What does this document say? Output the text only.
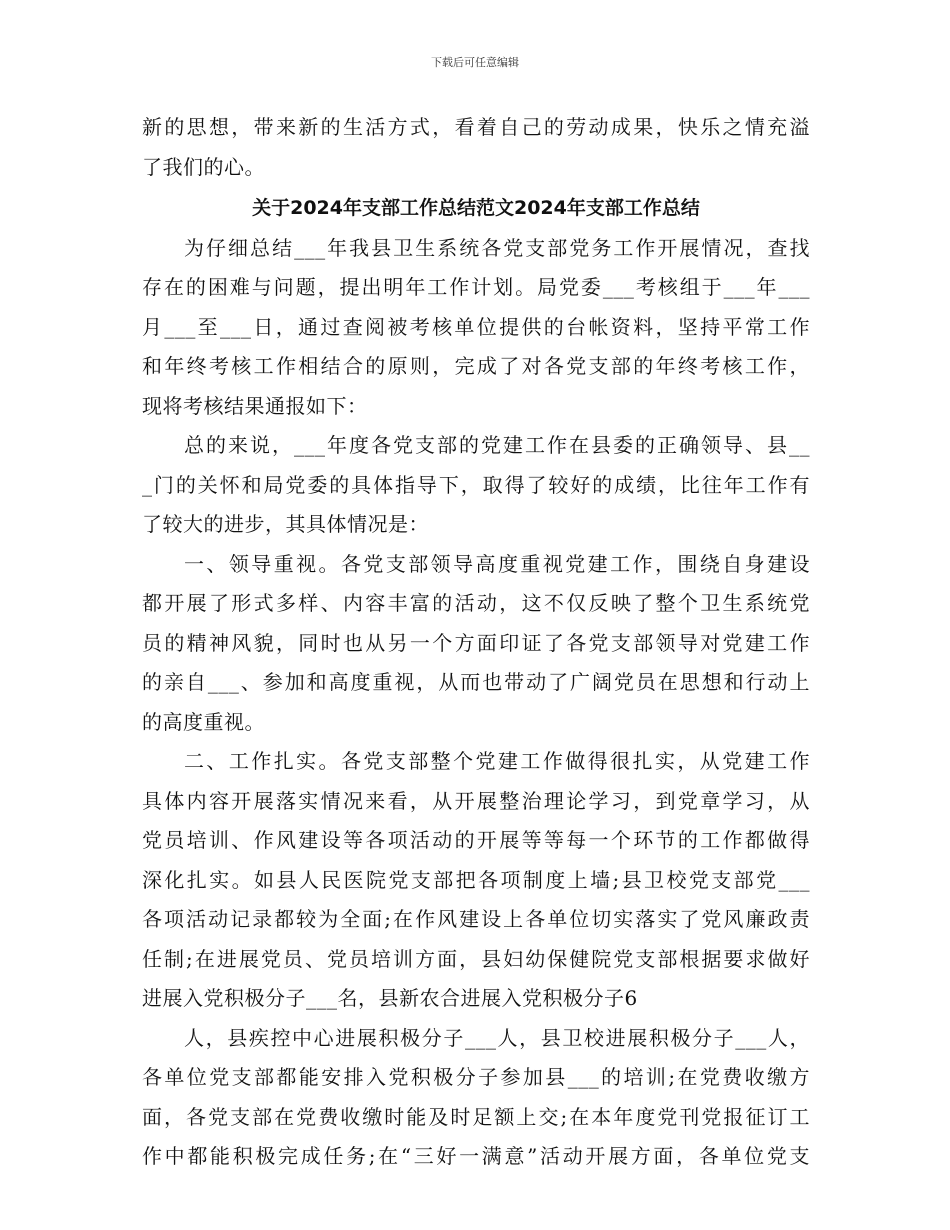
下载后可任意编辑
新的思想，带来新的生活方式，看着自己的劳动成果，快乐之情充溢
了我们的心。
关于2024年支部工作总结范文2024年支部工作总结
为仔细总结___年我县卫生系统各党支部党务工作开展情况，查找
存在的困难与问题，提出明年工作计划。局党委___考核组于___年___
月___至___日，通过查阅被考核单位提供的台帐资料，坚持平常工作
和年终考核工作相结合的原则，完成了对各党支部的年终考核工作，
现将考核结果通报如下：
总的来说，___年度各党支部的党建工作在县委的正确领导、县__
_门的关怀和局党委的具体指导下，取得了较好的成绩，比往年工作有
了较大的进步，其具体情况是：
一、领导重视。各党支部领导高度重视党建工作，围绕自身建设
都开展了形式多样、内容丰富的活动，这不仅反映了整个卫生系统党
员的精神风貌，同时也从另一个方面印证了各党支部领导对党建工作
的亲自___、参加和高度重视，从而也带动了广阔党员在思想和行动上
的高度重视。
二、工作扎实。各党支部整个党建工作做得很扎实，从党建工作
具体内容开展落实情况来看，从开展整治理论学习，到党章学习，从
党员培训、作风建设等各项活动的开展等等每一个环节的工作都做得
深化扎实。如县人民医院党支部把各项制度上墙;县卫校党支部党___
各项活动记录都较为全面;在作风建设上各单位切实落实了党风廉政责
任制;在进展党员、党员培训方面，县妇幼保健院党支部根据要求做好
进展入党积极分子___名，县新农合进展入党积极分子6
人，县疾控中心进展积极分子___人，县卫校进展积极分子___人，
各单位党支部都能安排入党积极分子参加县___的培训;在党费收缴方
面，各党支部在党费收缴时能及时足额上交;在本年度党刊党报征订工
作中都能积极完成任务;在“三好一满意”活动开展方面，各单位党支
